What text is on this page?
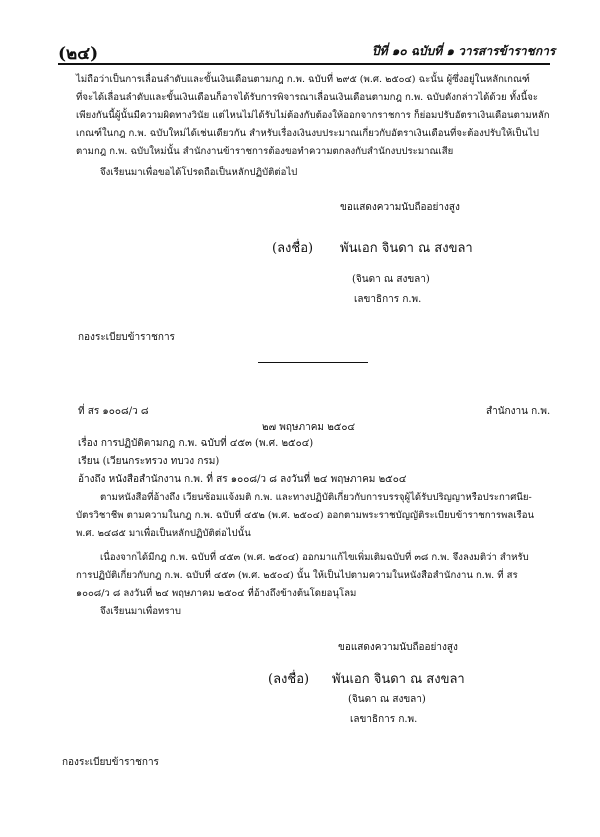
(๒๔)	ปีที่ ๑๐ ฉบับที่ ๑ วารสารข้าราชการ
ไม่ถือว่าเป็นการเลื่อนลำดับและขั้นเงินเดือนตามกฎ ก.พ. ฉบับที่ ๒๙๕ (พ.ศ. ๒๕๐๔) ฉะนั้น ผู้ซึ่งอยู่ในหลักเกณฑ์
ที่จะได้เลื่อนลำดับและขั้นเงินเดือนก็อาจได้รับการพิจารณาเลื่อนเงินเดือนตามกฎ ก.พ. ฉบับดังกล่าวได้ด้วย ทั้งนี้จะ
เพียงกันนี้ผู้นั้นมีความผิดทางวินัย แต่ไหนไม่ได้รับไม่ต้องกับต้องให้ออกจากราชการ ก็ย่อมปรับอัตราเงินเดือนตามหลัก
เกณฑ์ในกฎ ก.พ. ฉบับใหม่ได้เช่นเดียวกัน สำหรับเรื่องเงินงบประมาณเกี่ยวกับอัตราเงินเดือนที่จะต้องปรับให้เป็นไป
ตามกฎ ก.พ. ฉบับใหม่นั้น สำนักงานข้าราชการต้องขอทำความตกลงกับสำนักงบประมาณเสีย
จึงเรียนมาเพื่อขอได้โปรดถือเป็นหลักปฏิบัติต่อไป
ขอแสดงความนับถืออย่างสูง
(ลงชื่อ) พันเอก จินดา ณ สงขลา
(จินดา ณ สงขลา)
เลขาธิการ ก.พ.
กองระเบียบข้าราชการ
ที่ สร ๑๐๐๘/ว ๘	สำนักงาน ก.พ.
๒๗ พฤษภาคม ๒๕๐๔
เรื่อง การปฏิบัติตามกฎ ก.พ. ฉบับที่ ๔๕๓ (พ.ศ. ๒๕๐๔)
เรียน (เวียนกระทรวง ทบวง กรม)
อ้างถึง หนังสือสำนักงาน ก.พ. ที่ สร ๑๐๐๘/ว ๘ ลงวันที่ ๒๔ พฤษภาคม ๒๕๐๔
ตามหนังสือที่อ้างถึง เวียนซ้อมแจ้งมติ ก.พ. และทางปฏิบัติเกี่ยวกับการบรรจุผู้ได้รับปริญญาหรือประกาศนีย-
บัตรวิชาชีพ ตามความในกฎ ก.พ. ฉบับที่ ๔๕๒ (พ.ศ. ๒๕๐๔) ออกตามพระราชบัญญัติระเบียบข้าราชการพลเรือน
พ.ศ. ๒๔๘๕ มาเพื่อเป็นหลักปฏิบัติต่อไปนั้น
เนื่องจากได้มีกฎ ก.พ. ฉบับที่ ๔๕๓ (พ.ศ. ๒๕๐๔) ออกมาแก้ไขเพิ่มเติมฉบับที่ ๓๘ ก.พ. จึงลงมติว่า สำหรับ
การปฏิบัติเกี่ยวกับกฎ ก.พ. ฉบับที่ ๔๕๓ (พ.ศ. ๒๕๐๔) นั้น ให้เป็นไปตามความในหนังสือสำนักงาน ก.พ. ที่ สร
๑๐๐๘/ว ๘ ลงวันที่ ๒๔ พฤษภาคม ๒๕๐๔ ที่อ้างถึงข้างต้นโดยอนุโลม
จึงเรียนมาเพื่อทราบ
ขอแสดงความนับถืออย่างสูง
(ลงชื่อ) พันเอก จินดา ณ สงขลา
(จินดา ณ สงขลา)
เลขาธิการ ก.พ.
กองระเบียบข้าราชการ
